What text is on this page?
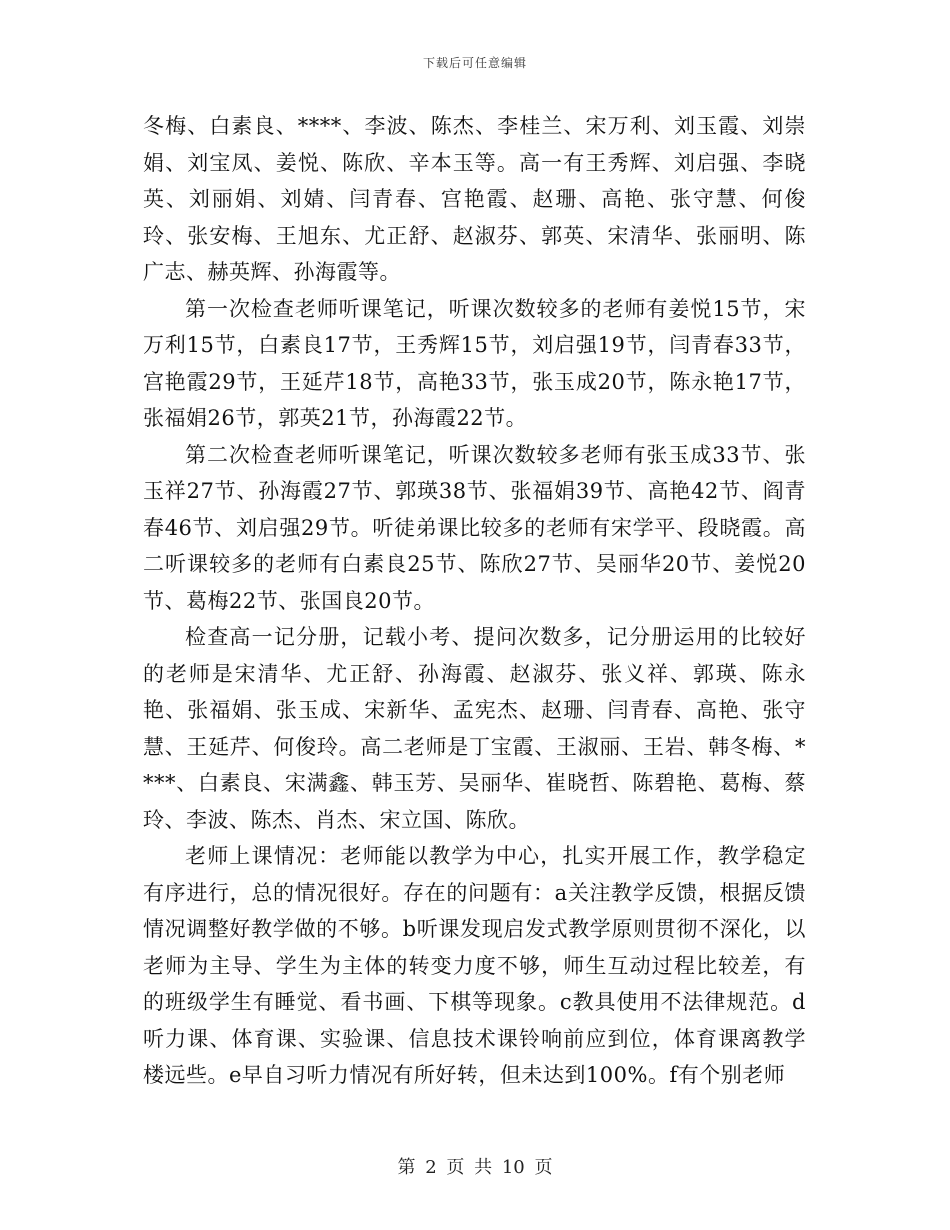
下载后可任意编辑

冬梅、白素良、****、李波、陈杰、李桂兰、宋万利、刘玉霞、刘崇娟、刘宝凤、姜悦、陈欣、辛本玉等。高一有王秀辉、刘启强、李晓英、刘丽娟、刘婧、闫青春、宫艳霞、赵珊、高艳、张守慧、何俊玲、张安梅、王旭东、尤正舒、赵淑芬、郭英、宋清华、张丽明、陈广志、赫英辉、孙海霞等。

第一次检查老师听课笔记，听课次数较多的老师有姜悦15节，宋万利15节，白素良17节，王秀辉15节，刘启强19节，闫青春33节，宫艳霞29节，王延芹18节，高艳33节，张玉成20节，陈永艳17节，张福娟26节，郭英21节，孙海霞22节。

第二次检查老师听课笔记，听课次数较多老师有张玉成33节、张玉祥27节、孙海霞27节、郭瑛38节、张福娟39节、高艳42节、阎青春46节、刘启强29节。听徒弟课比较多的老师有宋学平、段晓霞。高二听课较多的老师有白素良25节、陈欣27节、吴丽华20节、姜悦20节、葛梅22节、张国良20节。

检查高一记分册，记载小考、提问次数多，记分册运用的比较好的老师是宋清华、尤正舒、孙海霞、赵淑芬、张义祥、郭瑛、陈永艳、张福娟、张玉成、宋新华、孟宪杰、赵珊、闫青春、高艳、张守慧、王延芹、何俊玲。高二老师是丁宝霞、王淑丽、王岩、韩冬梅、****、白素良、宋满鑫、韩玉芳、吴丽华、崔晓哲、陈碧艳、葛梅、蔡玲、李波、陈杰、肖杰、宋立国、陈欣。

老师上课情况：老师能以教学为中心，扎实开展工作，教学稳定有序进行，总的情况很好。存在的问题有：a关注教学反馈，根据反馈情况调整好教学做的不够。b听课发现启发式教学原则贯彻不深化，以老师为主导、学生为主体的转变力度不够，师生互动过程比较差，有的班级学生有睡觉、看书画、下棋等现象。c教具使用不法律规范。d听力课、体育课、实验课、信息技术课铃响前应到位，体育课离教学楼远些。e早自习听力情况有所好转，但未达到100%。f有个别老师

第 2 页 共 10 页
